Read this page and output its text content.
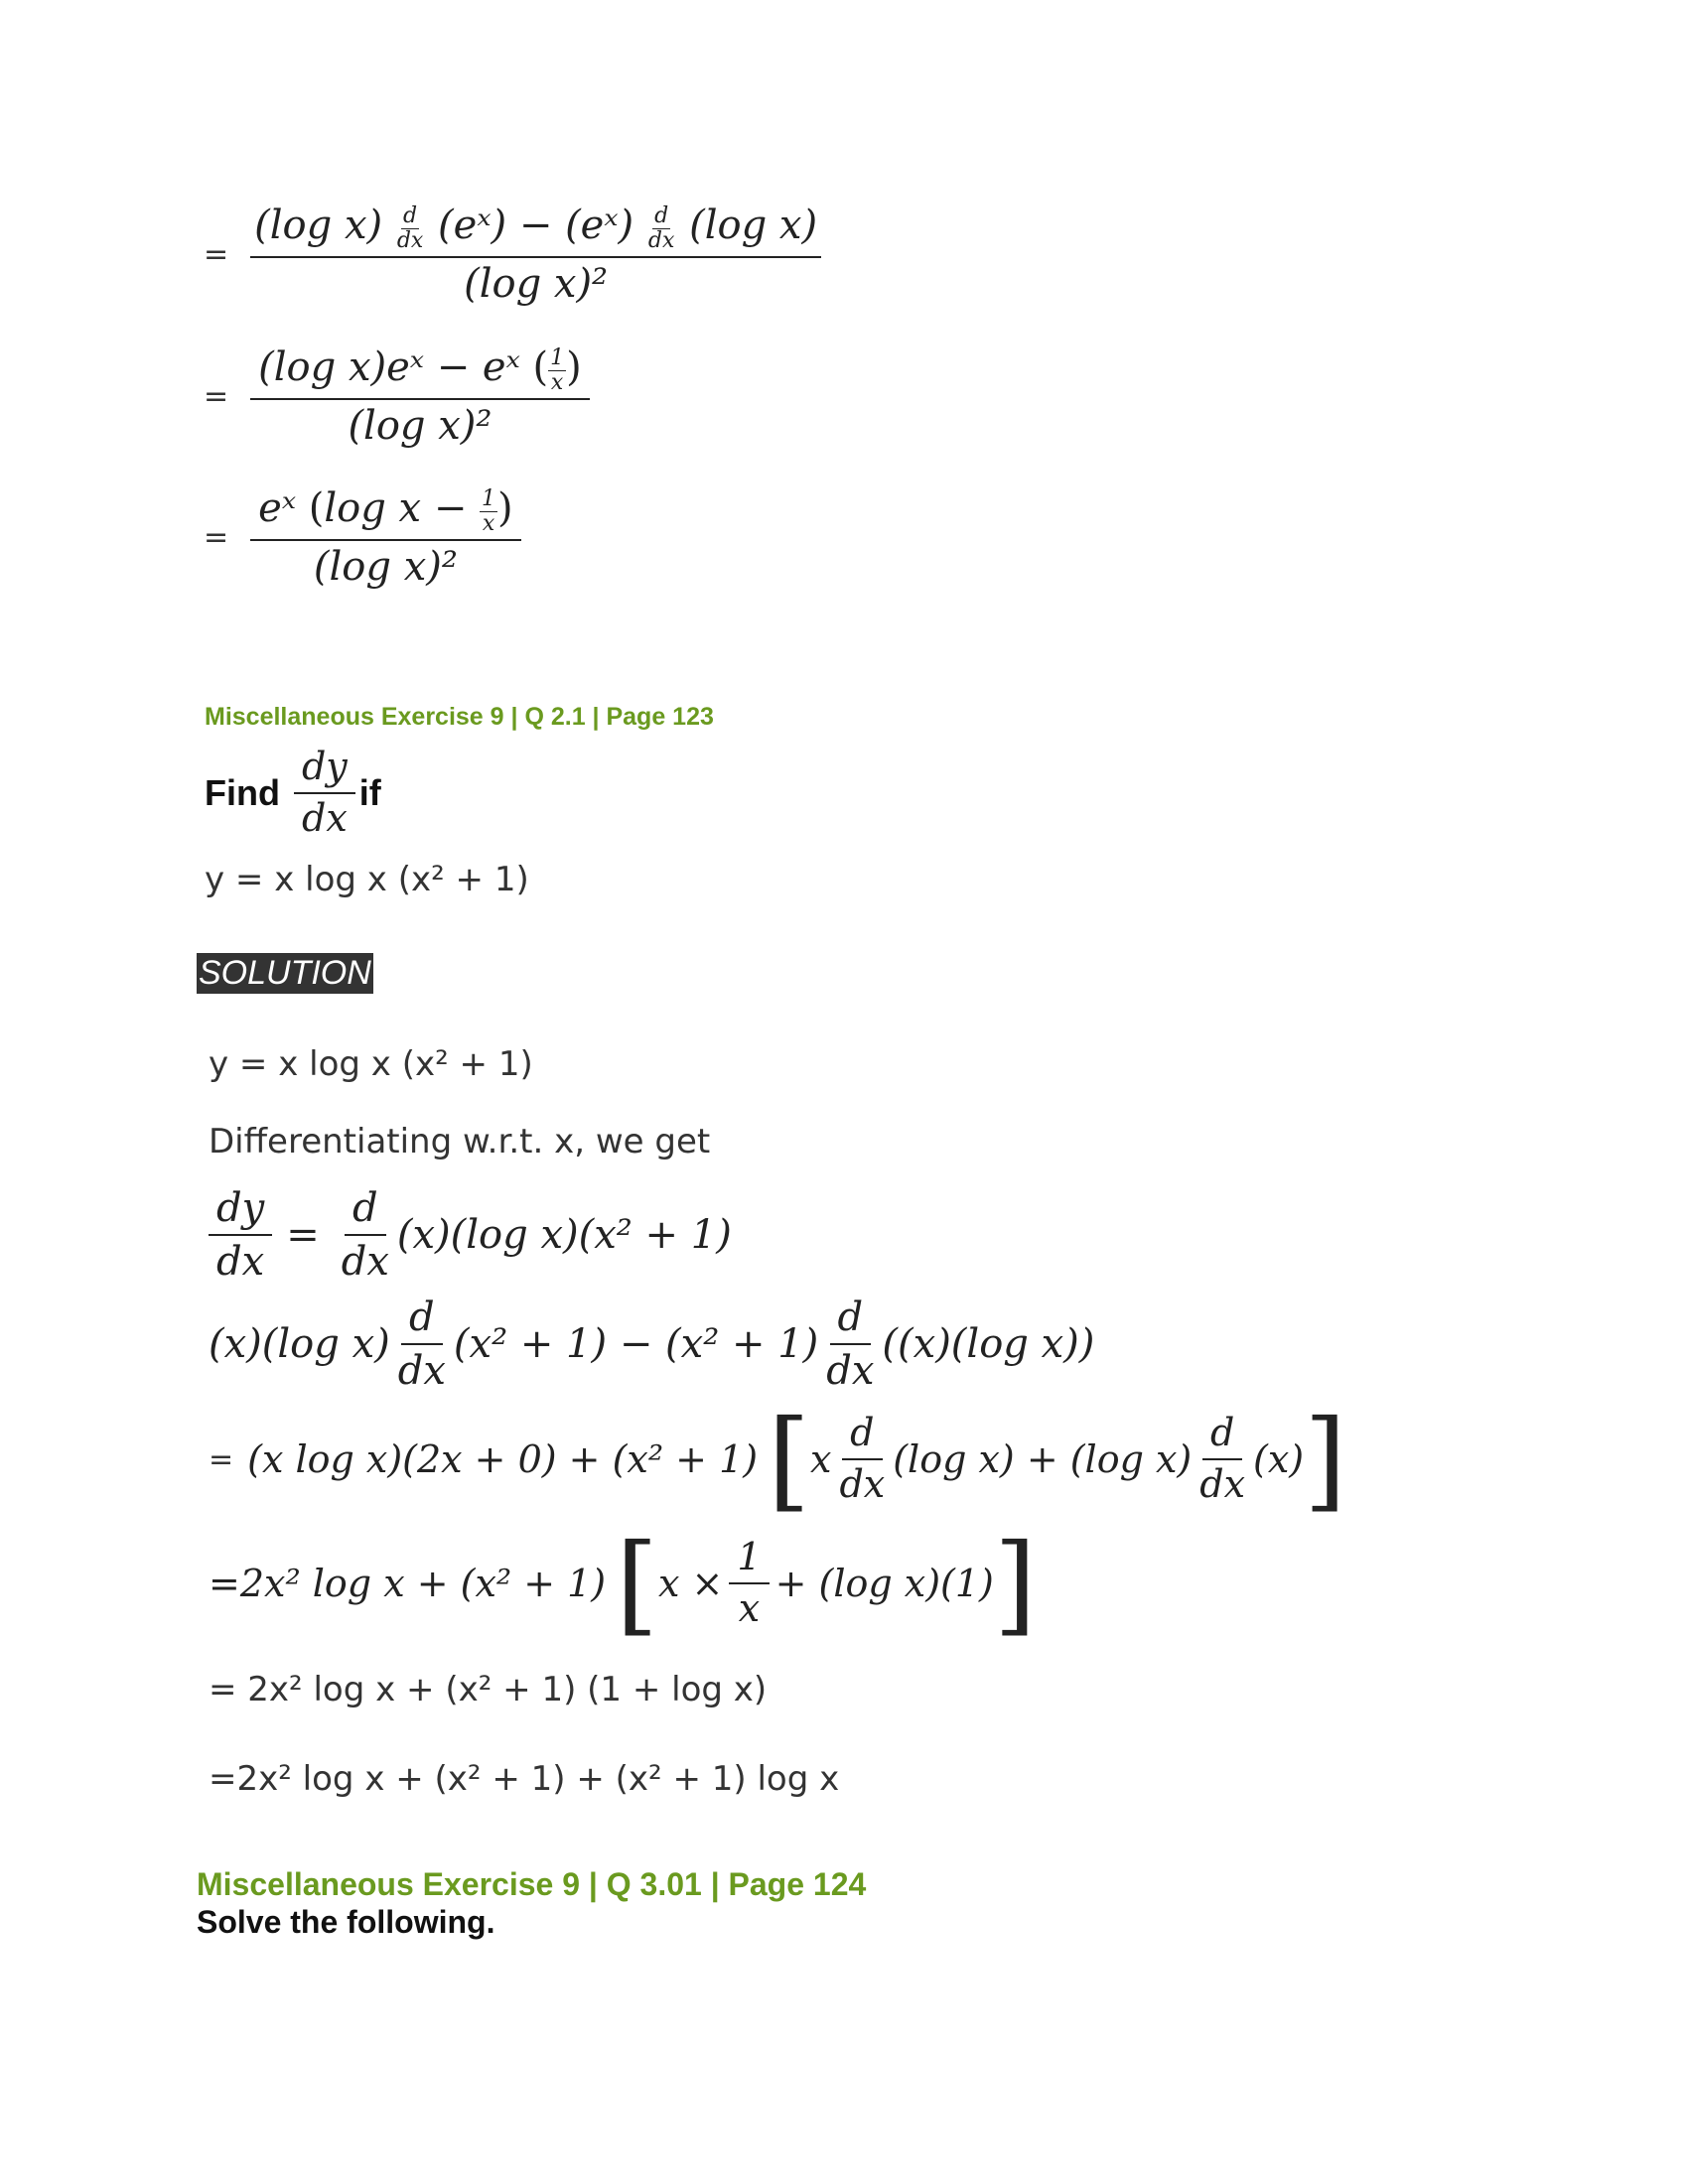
= $\frac{(\log x) \frac{d}{dx} (eˣ) - (eˣ) \frac{d}{dx} (\log x)}{\text{(log x)²}}$
= $\frac{(\log x)eˣ - eˣ ( \frac{1}{x} )}{\text{(log x)²}}$
= $\frac{eˣ (\log x - \frac{1}{x} )}{\text{(log x)²}}$
Miscellaneous Exercise 9 | Q 2.1 | Page 123
Find $\frac{dy}{dx}$ if
y = x log x (x² + 1)
SOLUTION
y = x log x (x² + 1)
Differentiating w.r.t. x, we get
$\frac{dy}{dx} = \frac{d}{dx} (x)(\log$ x)(x² + 1)
(x)(log $x) \frac{d}{dx} (x^2 + 1) - (x^2 + 1) \frac{d}{dx} ((x)(\log$ x))
= (x log x)(2x + 0) + (x² + 1) [ x $\frac{d}{dx} (\log$ x) + (log $x) \frac{d}{dx} (x)$ ]
=2x² log x + (x² + 1) [ $x \times \frac{1}{x} + (\log$ x)(1) ]
= 2x² log x + (x² + 1) (1 + log x)
=2x² log x + (x² + 1) + (x² + 1) log x
Miscellaneous Exercise 9 | Q 3.01 | Page 124
Solve the following.
